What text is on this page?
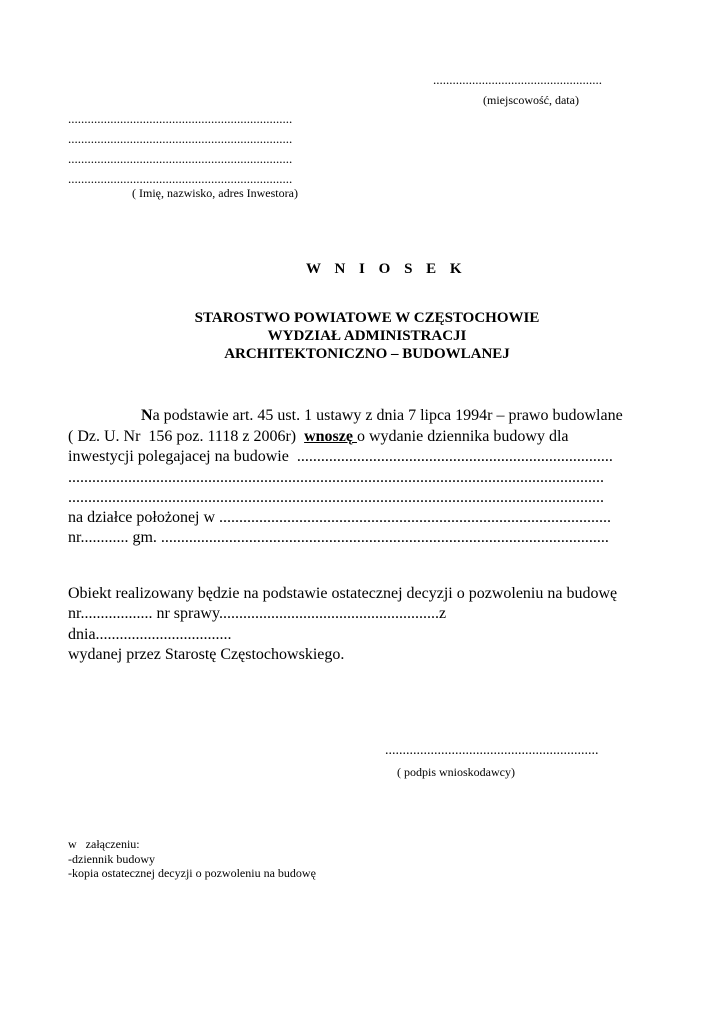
....................................................
(miejscowość, data)
.....................................................................
.....................................................................
.....................................................................
.....................................................................
( Imię, nazwisko, adres Inwestora)
W N I O S E K
STAROSTWO POWIATOWE W CZĘSTOCHOWIE
WYDZIAŁ ADMINISTRACJI
ARCHITEKTONICZNO – BUDOWLANEJ
Na podstawie art. 45 ust. 1 ustawy z dnia 7 lipca 1994r – prawo budowlane
( Dz. U. Nr  156 poz. 1118 z 2006r)  wnoszę o wydanie dziennika budowy dla
inwestycji polegajacej na budowie  ...............................................................................
......................................................................................................................................
......................................................................................................................................
na działce położonej w ..................................................................................................
nr............ gm. ................................................................................................................
Obiekt realizowany będzie na podstawie ostatecznej decyzji o pozwoleniu na budowę
nr.................. nr sprawy.......................................................z
dnia..................................
wydanej przez Starostę Częstochowskiego.
.............................................................
( podpis wnioskodawcy)
w   załączeniu:
-dziennik budowy
-kopia ostatecznej decyzji o pozwoleniu na budowę
